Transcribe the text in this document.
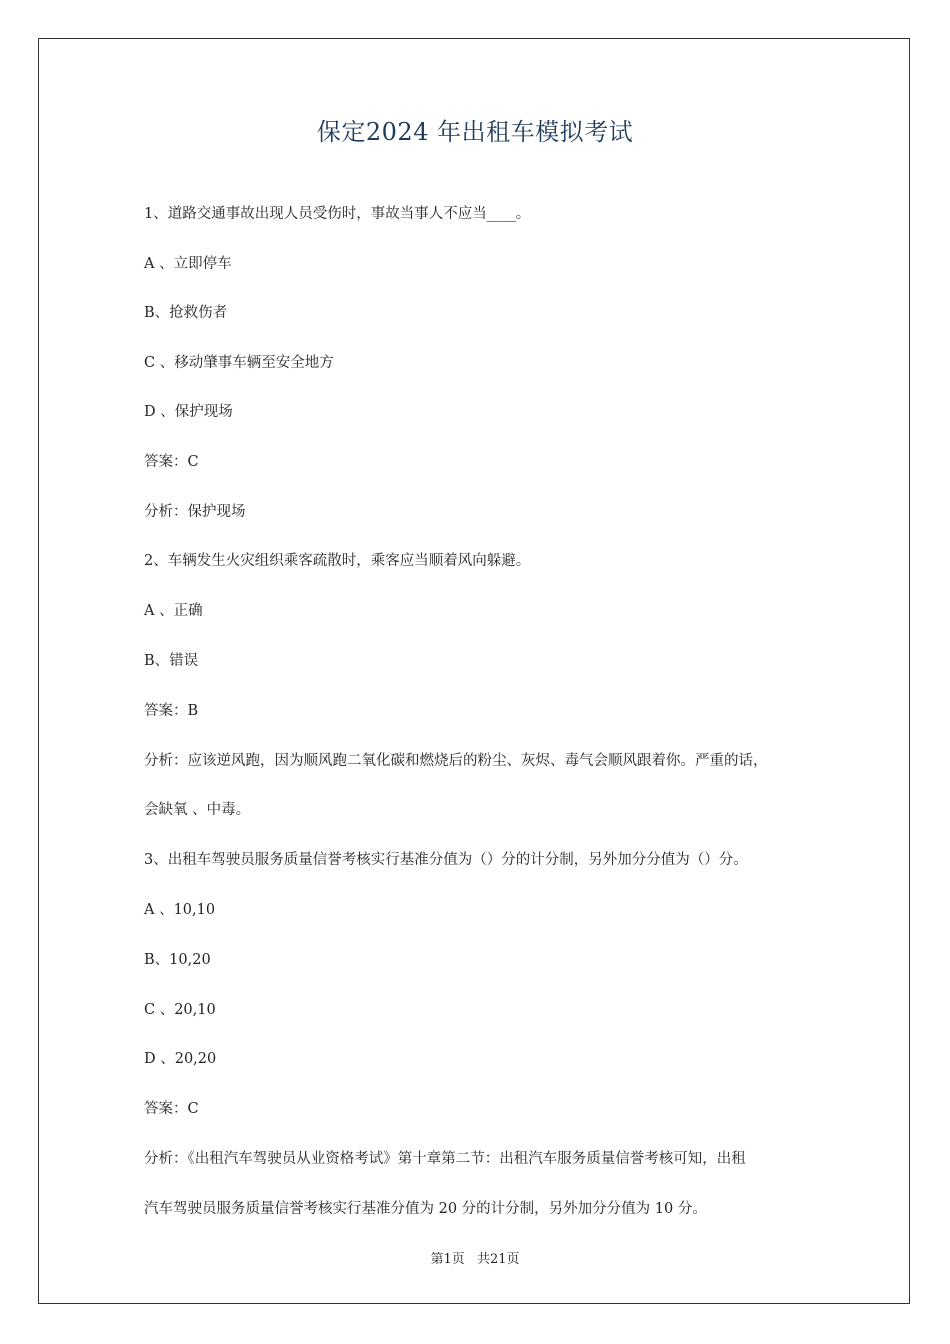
保定2024 年出租车模拟考试
1、道路交通事故出现人员受伤时，事故当事人不应当____。
A 、立即停车
B、抢救伤者
C 、移动肇事车辆至安全地方
D 、保护现场
答案：C
分析：保护现场
2、车辆发生火灾组织乘客疏散时，乘客应当顺着风向躲避。
A 、正确
B、错误
答案：B
分析：应该逆风跑，因为顺风跑二氧化碳和燃烧后的粉尘、灰烬、毒气会顺风跟着你。严重的话，
会缺氧 、中毒。
3、出租车驾驶员服务质量信誉考核实行基准分值为（）分的计分制，另外加分分值为（）分。
A 、10,10
B、10,20
C 、20,10
D 、20,20
答案：C
分析：《出租汽车驾驶员从业资格考试》第十章第二节：出租汽车服务质量信誉考核可知，出租
汽车驾驶员服务质量信誉考核实行基准分值为 20 分的计分制，另外加分分值为 10 分。
第1页 共21页
